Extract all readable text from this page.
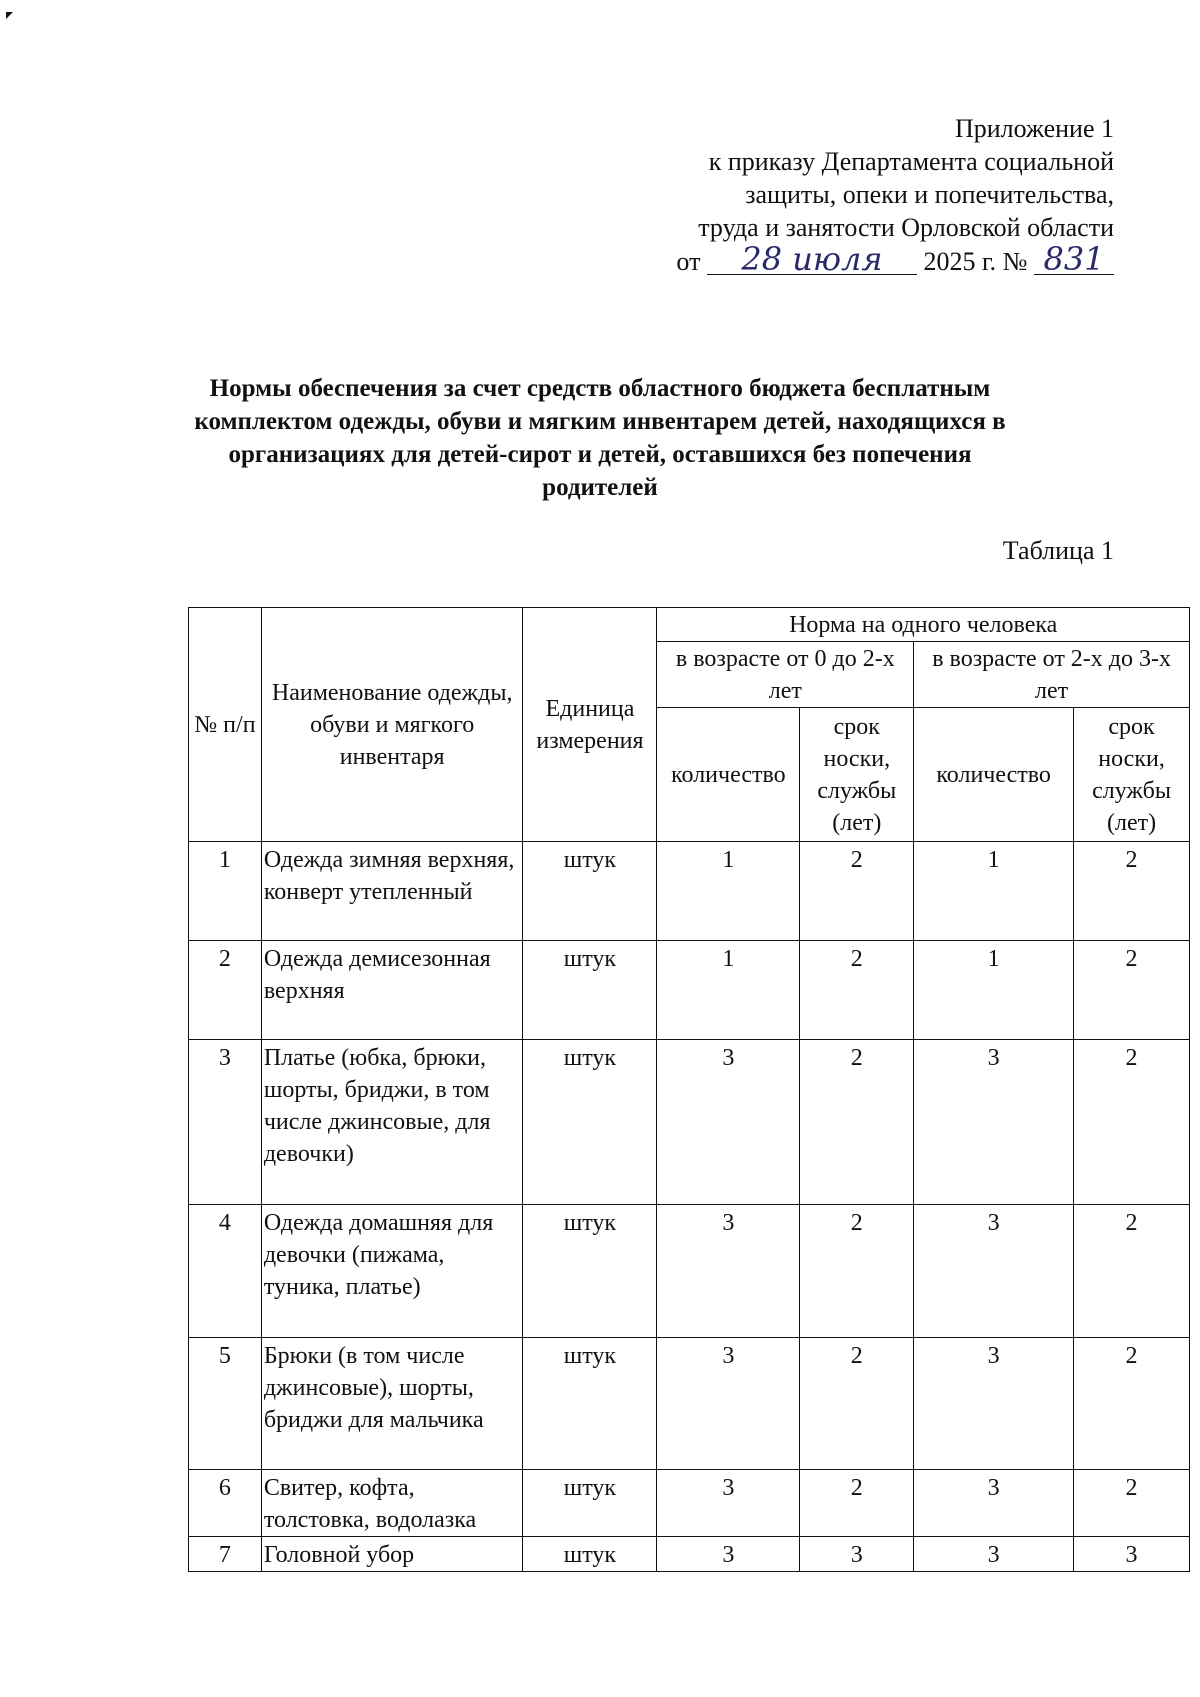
Приложение 1
к приказу Департамента социальной
защиты, опеки и попечительства,
труда и занятости Орловской области
от 28 июля 2025 г. № 831
Нормы обеспечения за счет средств областного бюджета бесплатным комплектом одежды, обуви и мягким инвентарем детей, находящихся в организациях для детей-сирот и детей, оставшихся без попечения родителей
Таблица 1
№ п/п	Наименование одежды, обуви и мягкого инвентаря	Единица измерения	Норма на одного человека			
			в возрасте от 0 до 2-х лет		в возрасте от 2-х до 3-х лет	
			количество	срок носки, службы (лет)	количество	срок носки, службы (лет)
1	Одежда зимняя верхняя, конверт утепленный	штук	1	2	1	2
2	Одежда демисезонная верхняя	штук	1	2	1	2
3	Платье (юбка, брюки, шорты, бриджи, в том числе джинсовые, для девочки)	штук	3	2	3	2
4	Одежда домашняя для девочки (пижама, туника, платье)	штук	3	2	3	2
5	Брюки (в том числе джинсовые), шорты, бриджи для мальчика	штук	3	2	3	2
6	Свитер, кофта, толстовка, водолазка	штук	3	2	3	2
7	Головной убор	штук	3	3	3	3
